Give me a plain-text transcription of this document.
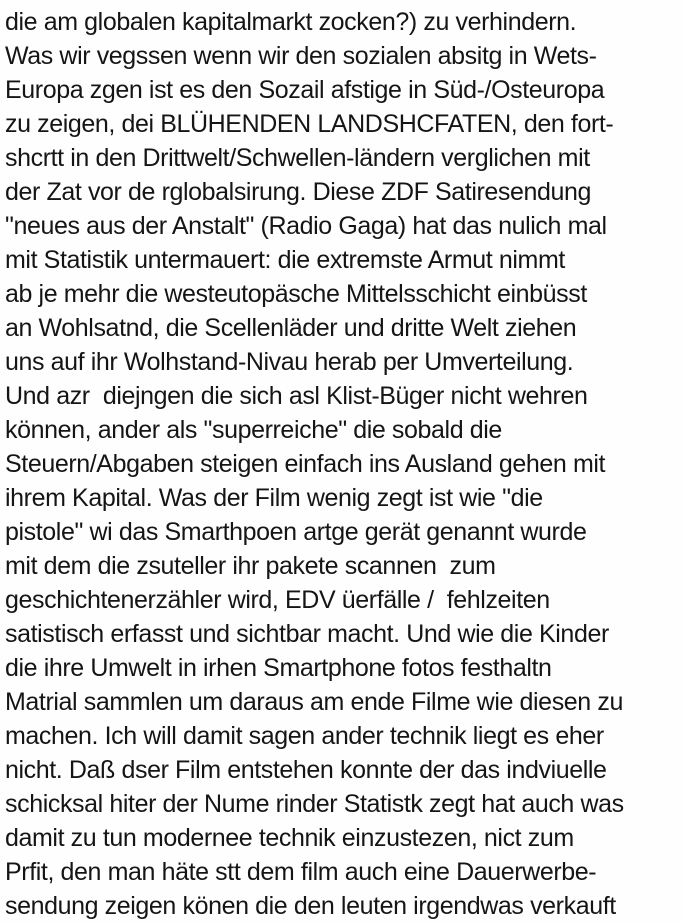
die am globalen kapitalmarkt zocken?) zu verhindern.
Was wir vegssen wenn wir den sozialen absitg in Wets-
Europa zgen ist es den Sozail afstige in Süd-/Osteuropa
zu zeigen, dei BLÜHENDEN LANDSHCFATEN, den fort-
shcrtt in den Drittwelt/Schwellen-ländern verglichen mit
der Zat vor de rglobalsirung. Diese ZDF Satiresendung
"neues aus der Anstalt" (Radio Gaga) hat das nulich mal
mit Statistik untermauert: die extremste Armut nimmt
ab je mehr die westeutopäsche Mittelsschicht einbüsst
an Wohlsatnd, die Scellenläder und dritte Welt ziehen
uns auf ihr Wolhstand-Nivau herab per Umverteilung.
Und azr  diejngen die sich asl Klist-Büger nicht wehren
können, ander als "superreiche" die sobald die
Steuern/Abgaben steigen einfach ins Ausland gehen mit
ihrem Kapital. Was der Film wenig zegt ist wie "die
pistole" wi das Smarthpoen artge gerät genannt wurde
mit dem die zsuteller ihr pakete scannen  zum
geschichtenerzähler wird, EDV üerfälle /  fehlzeiten
satistisch erfasst und sichtbar macht. Und wie die Kinder
die ihre Umwelt in irhen Smartphone fotos festhaltn
Matrial sammlen um daraus am ende Filme wie diesen zu
machen. Ich will damit sagen ander technik liegt es eher
nicht. Daß dser Film entstehen konnte der das indviuelle
schicksal hiter der Nume rinder Statistk zegt hat auch was
damit zu tun modernee technik einzustezen, nict zum
Prfit, den man häte stt dem film auch eine Dauerwerbe-
sendung zeigen könen die den leuten irgendwas verkauft
